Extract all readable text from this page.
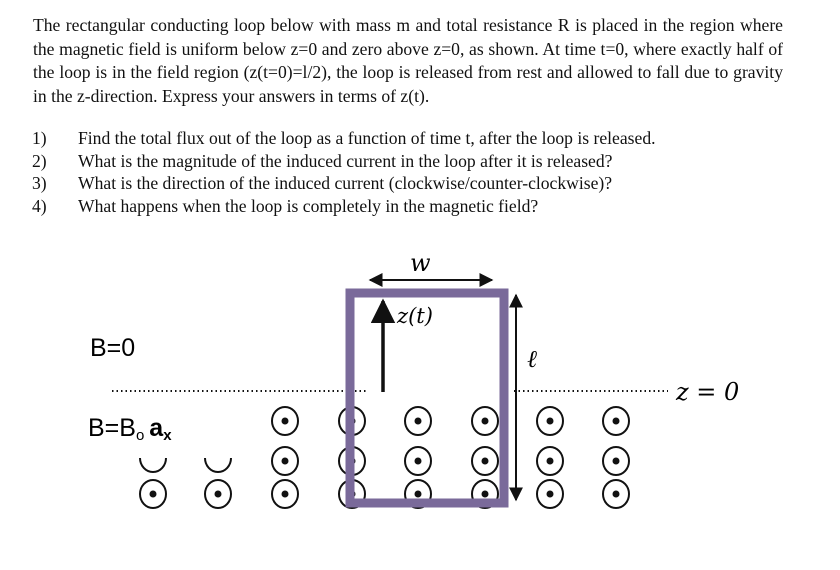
The rectangular conducting loop below with mass m and total resistance R is placed in the region where the magnetic field is uniform below z=0 and zero above z=0, as shown. At time t=0, where exactly half of the loop is in the field region (z(t=0)=l/2), the loop is released from rest and allowed to fall due to gravity in the z-direction. Express your answers in terms of z(t).
1)	Find the total flux out of the loop as a function of time t, after the loop is released.
2)	What is the magnitude of the induced current in the loop after it is released?
3)	What is the direction of the induced current (clockwise/counter-clockwise)?
4)	What happens when the loop is completely in the magnetic field?
w
z(t)
ℓ
z = 0
B=0
B=Bo ax
